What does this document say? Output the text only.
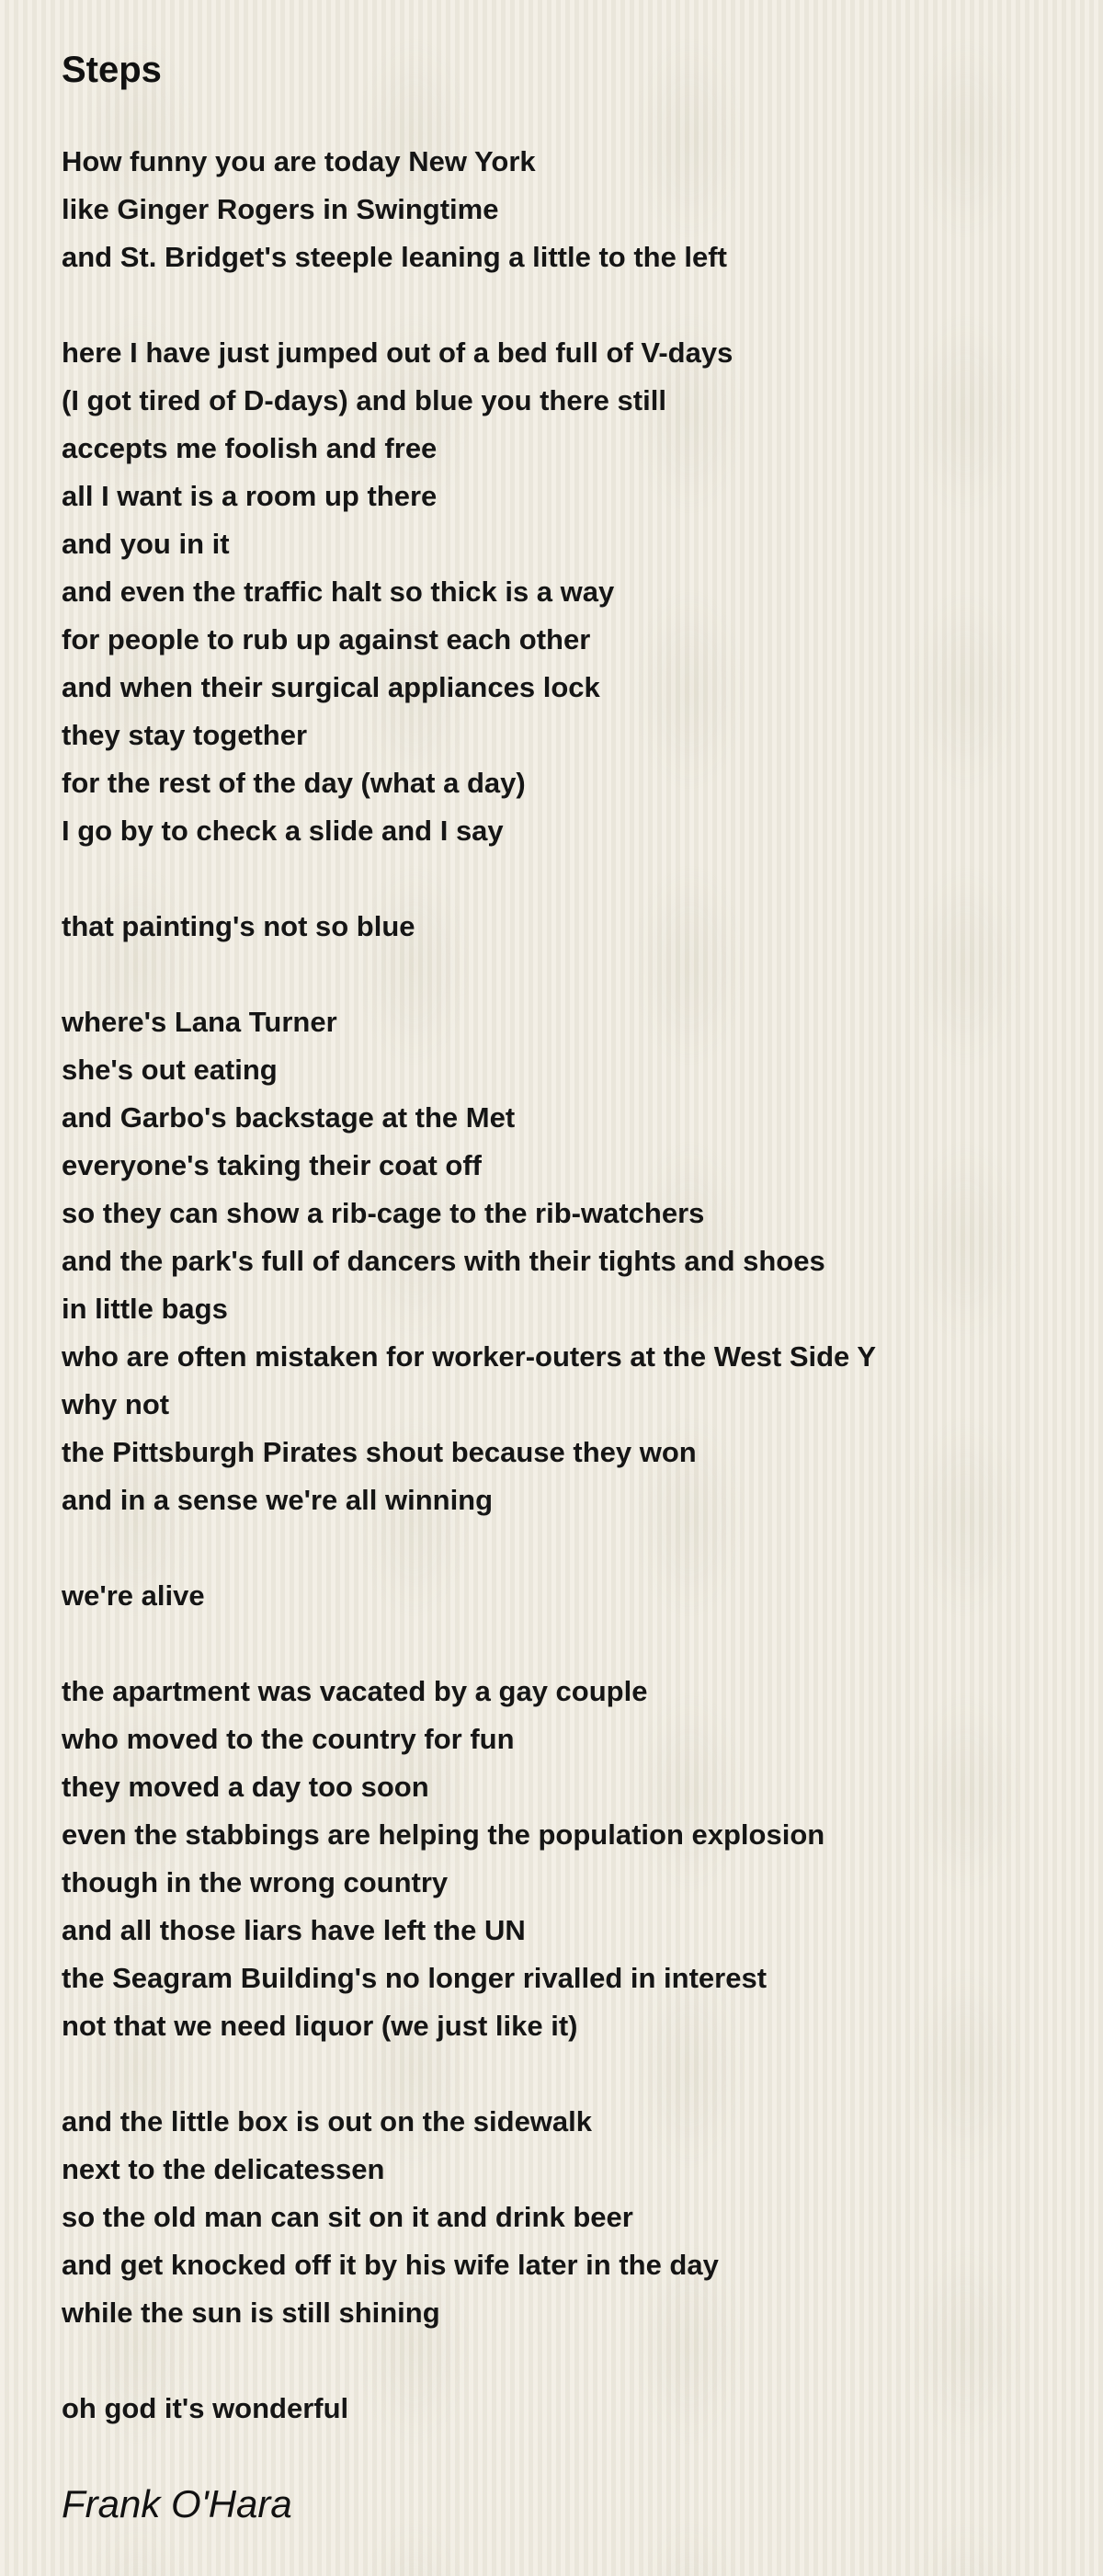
Steps
How funny you are today New York
like Ginger Rogers in Swingtime
and St. Bridget's steeple leaning a little to the left
here I have just jumped out of a bed full of V-days
(I got tired of D-days) and blue you there still
accepts me foolish and free
all I want is a room up there
and you in it
and even the traffic halt so thick is a way
for people to rub up against each other
and when their surgical appliances lock
they stay together
for the rest of the day (what a day)
I go by to check a slide and I say
that painting's not so blue
where's Lana Turner
she's out eating
and Garbo's backstage at the Met
everyone's taking their coat off
so they can show a rib-cage to the rib-watchers
and the park's full of dancers with their tights and shoes
in little bags
who are often mistaken for worker-outers at the West Side Y
why not
the Pittsburgh Pirates shout because they won
and in a sense we're all winning
we're alive
the apartment was vacated by a gay couple
who moved to the country for fun
they moved a day too soon
even the stabbings are helping the population explosion
though in the wrong country
and all those liars have left the UN
the Seagram Building's no longer rivalled in interest
not that we need liquor (we just like it)
and the little box is out on the sidewalk
next to the delicatessen
so the old man can sit on it and drink beer
and get knocked off it by his wife later in the day
while the sun is still shining
oh god it's wonderful

Frank O'Hara
